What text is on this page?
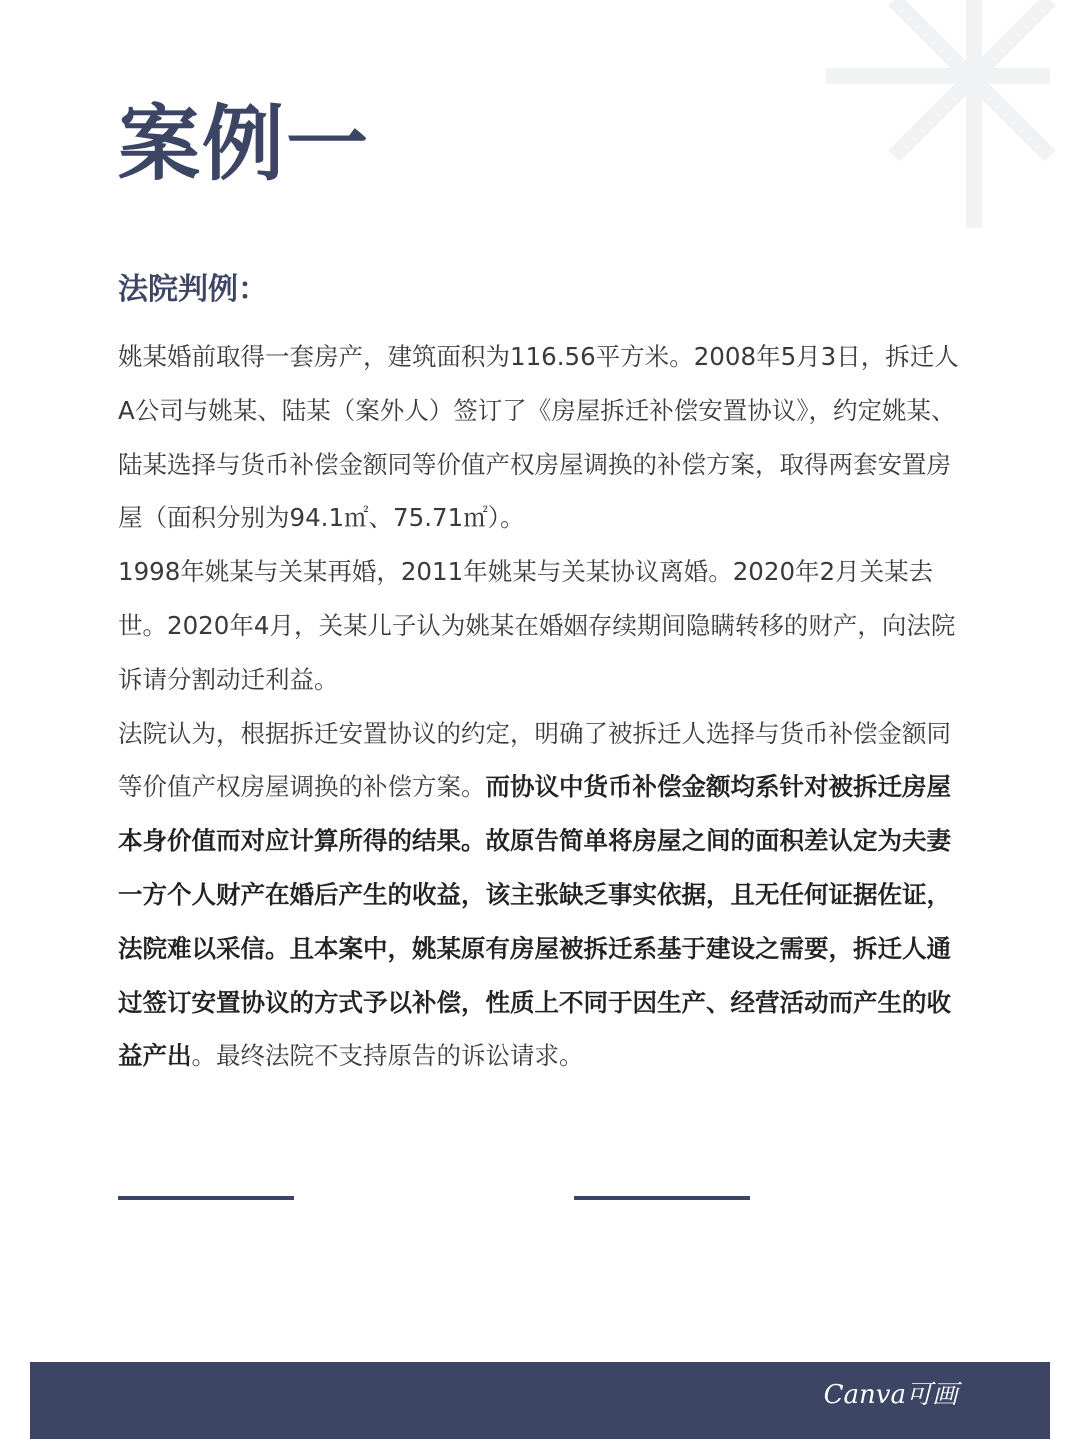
案例一
法院判例：

姚某婚前取得一套房产，建筑面积为116.56平方米。2008年5月3日，拆迁人A公司与姚某、陆某（案外人）签订了《房屋拆迁补偿安置协议》，约定姚某、陆某选择与货币补偿金额同等价值产权房屋调换的补偿方案，取得两套安置房屋（面积分别为94.1㎡、75.71㎡）。

1998年姚某与关某再婚，2011年姚某与关某协议离婚。2020年2月关某去世。2020年4月，关某儿子认为姚某在婚姻存续期间隐瞒转移的财产，向法院诉请分割动迁利益。

法院认为，根据拆迁安置协议的约定，明确了被拆迁人选择与货币补偿金额同等价值产权房屋调换的补偿方案。而协议中货币补偿金额均系针对被拆迁房屋本身价值而对应计算所得的结果。故原告简单将房屋之间的面积差认定为夫妻一方个人财产在婚后产生的收益，该主张缺乏事实依据，且无任何证据佐证，法院难以采信。且本案中，姚某原有房屋被拆迁系基于建设之需要，拆迁人通过签订安置协议的方式予以补偿，性质上不同于因生产、经营活动而产生的收益产出。最终法院不支持原告的诉讼请求。

Canva可画
